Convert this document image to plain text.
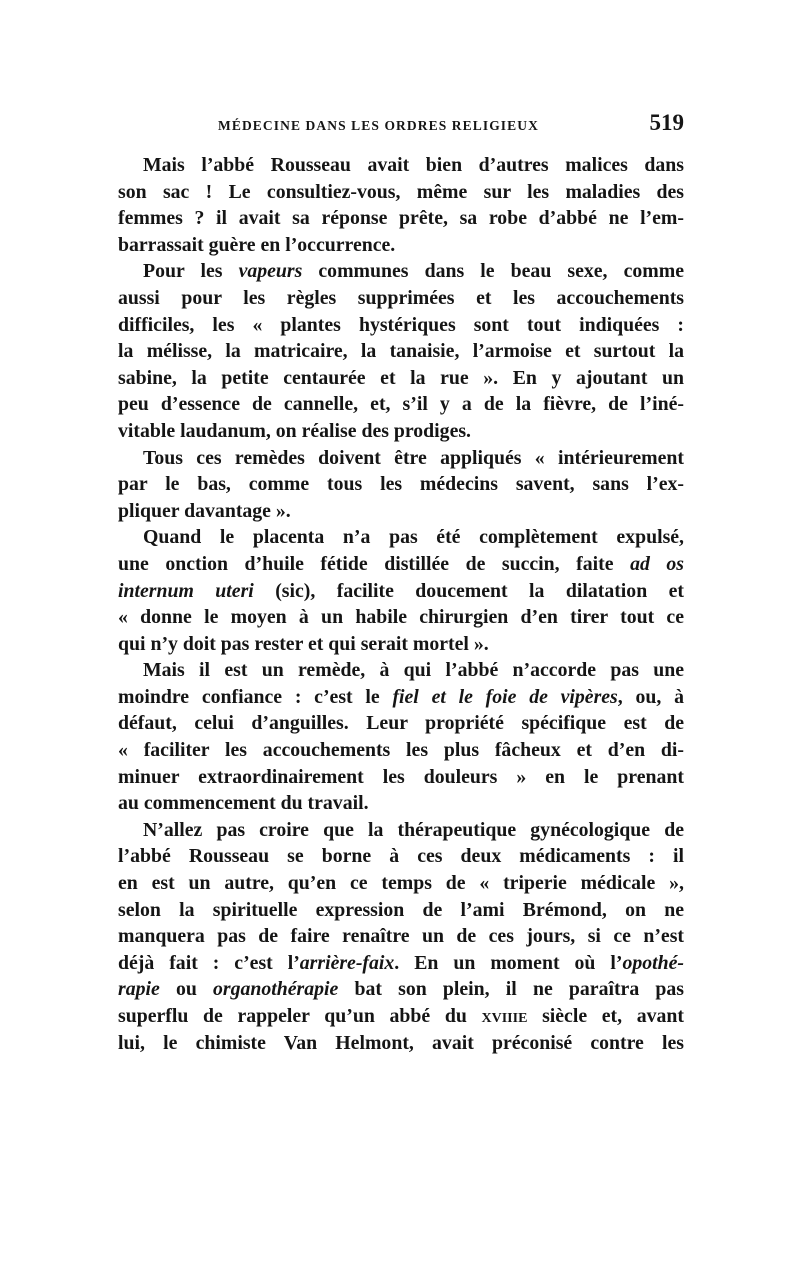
MÉDECINE DANS LES ORDRES RELIGIEUX	519
Mais l’abbé Rousseau avait bien d’autres malices dans
son sac ! Le consultiez-vous, même sur les maladies des
femmes ? il avait sa réponse prête, sa robe d’abbé ne l’em-
barrassait guère en l’occurrence.
Pour les vapeurs communes dans le beau sexe, comme
aussi pour les règles supprimées et les accouchements
difficiles, les « plantes hystériques sont tout indiquées :
la mélisse, la matricaire, la tanaisie, l’armoise et surtout la
sabine, la petite centaurée et la rue ». En y ajoutant un
peu d’essence de cannelle, et, s’il y a de la fièvre, de l’iné-
vitable laudanum, on réalise des prodiges.
Tous ces remèdes doivent être appliqués « intérieurement
par le bas, comme tous les médecins savent, sans l’ex-
pliquer davantage ».
Quand le placenta n’a pas été complètement expulsé,
une onction d’huile fétide distillée de succin, faite ad os
internum uteri (sic), facilite doucement la dilatation et
« donne le moyen à un habile chirurgien d’en tirer tout ce
qui n’y doit pas rester et qui serait mortel ».
Mais il est un remède, à qui l’abbé n’accorde pas une
moindre confiance : c’est le fiel et le foie de vipères, ou, à
défaut, celui d’anguilles. Leur propriété spécifique est de
« faciliter les accouchements les plus fâcheux et d’en di-
minuer extraordinairement les douleurs » en le prenant
au commencement du travail.
N’allez pas croire que la thérapeutique gynécologique de
l’abbé Rousseau se borne à ces deux médicaments : il
en est un autre, qu’en ce temps de « triperie médicale »,
selon la spirituelle expression de l’ami Brémond, on ne
manquera pas de faire renaître un de ces jours, si ce n’est
déjà fait : c’est l’arrière-faix. En un moment où l’opothé-
rapie ou organothérapie bat son plein, il ne paraîtra pas
superflu de rappeler qu’un abbé du xviiie siècle et, avant
lui, le chimiste Van Helmont, avait préconisé contre les
